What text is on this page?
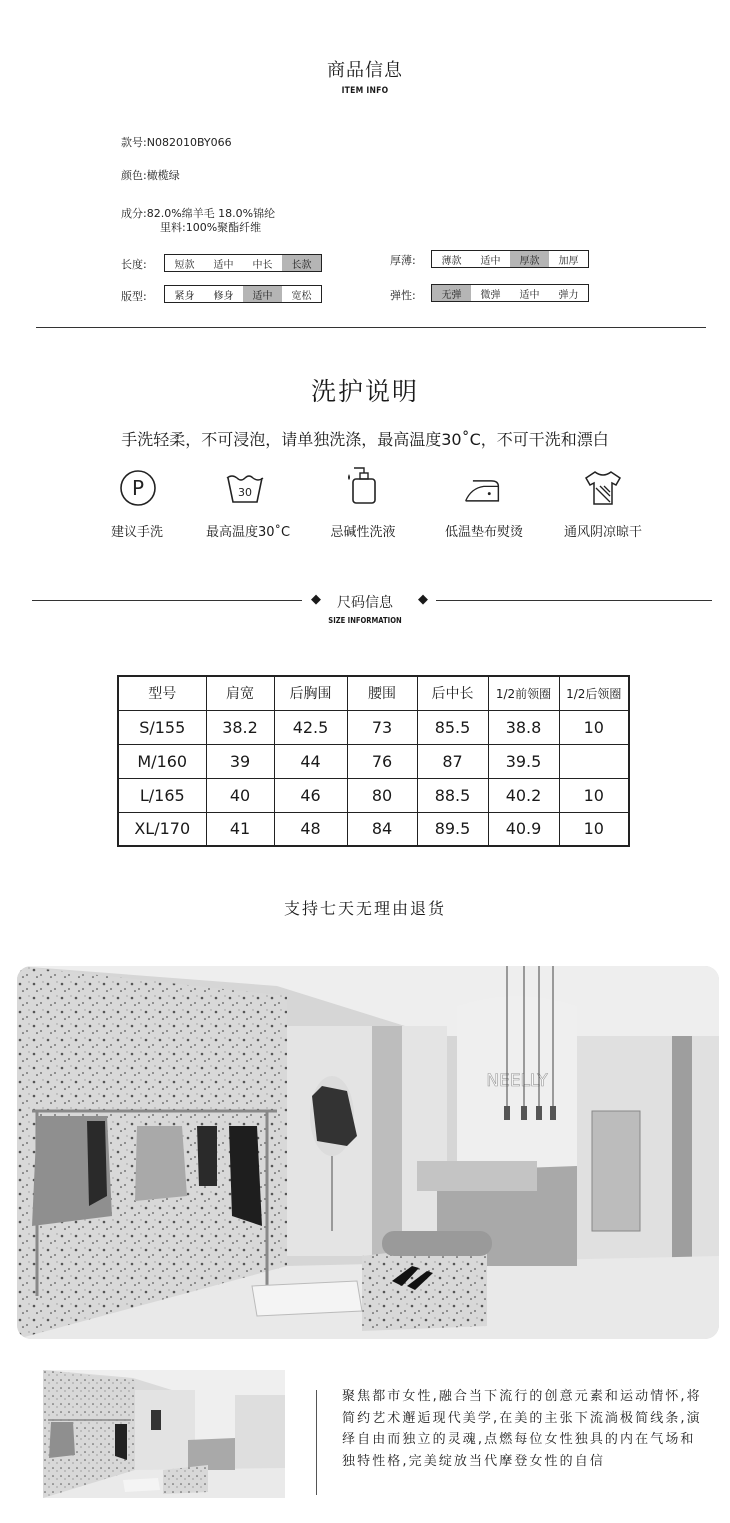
商品信息
ITEM INFO
款号:N082010BY066
颜色:橄榄绿
成分:82.0%绵羊毛 18.0%锦纶
里料:100%聚酯纤维
长度:	短款	适中	中长	长款
版型:	紧身	修身	适中	宽松
厚薄:	薄款	适中	厚款	加厚
弹性:	无弹	微弹	适中	弹力
洗护说明
手洗轻柔，不可浸泡，请单独洗涤，最高温度30˚C，不可干洗和漂白
P	30
建议手洗	最高温度30˚C	忌碱性洗液	低温垫布熨烫	通风阴凉晾干
◆	尺码信息	◆
SIZE INFORMATION
型号	肩宽	后胸围	腰围	后中长	1/2前领圈	1/2后领圈
S/155	38.2	42.5	73	85.5	38.8	10
M/160	39	44	76	87	39.5	
L/165	40	46	80	88.5	40.2	10
XL/170	41	48	84	89.5	40.9	10
支持七天无理由退货
NEELLY
聚焦都市女性,融合当下流行的创意元素和运动情怀,将简约艺术邂逅现代美学,在美的主张下流淌极简线条,演绎自由而独立的灵魂,点燃每位女性独具的内在气场和独特性格,完美绽放当代摩登女性的自信
